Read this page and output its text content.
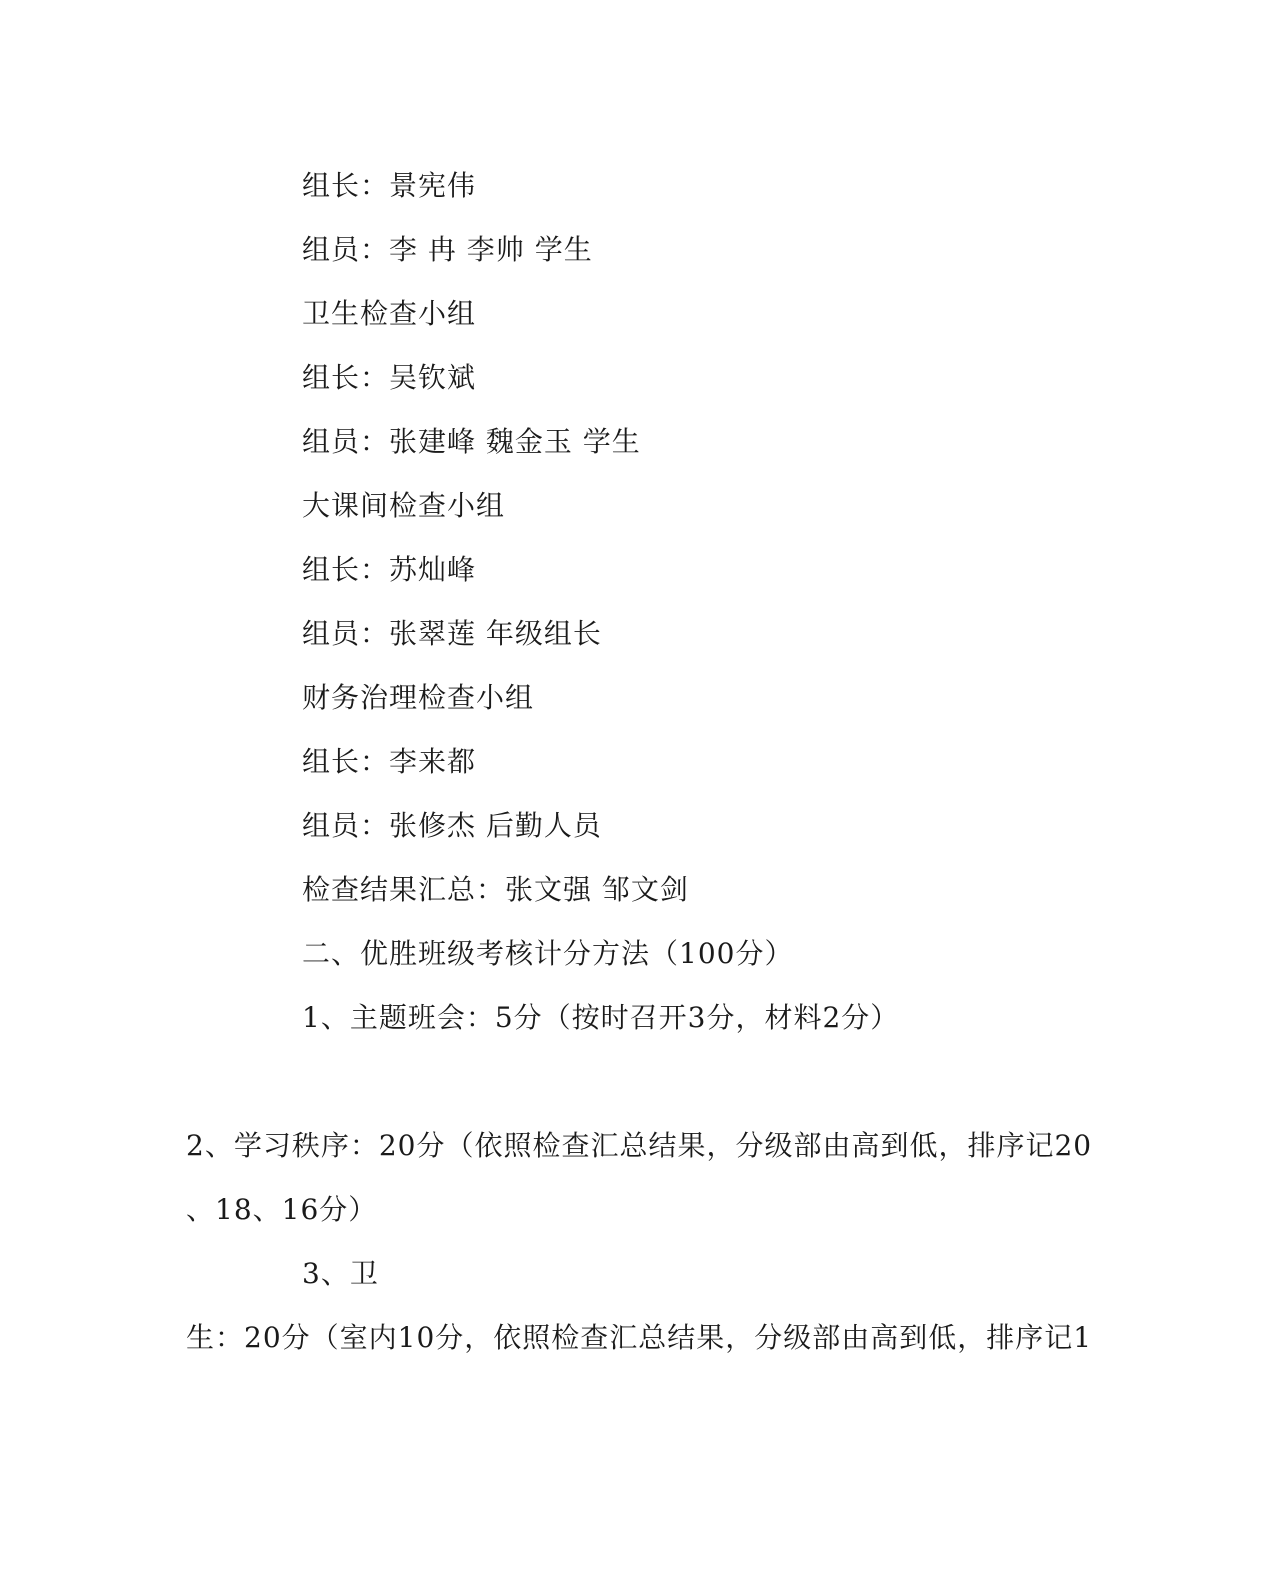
组长：景宪伟
组员：李 冉 李帅 学生
卫生检查小组
组长：吴钦斌
组员：张建峰 魏金玉 学生
大课间检查小组
组长：苏灿峰
组员：张翠莲 年级组长
财务治理检查小组
组长：李来都
组员：张修杰 后勤人员
检查结果汇总：张文强 邹文剑
二、优胜班级考核计分方法（100分）
1、主题班会：5分（按时召开3分，材料2分）
2、学习秩序：20分（依照检查汇总结果，分级部由高到低，排序记20
、18、16分）
3、卫
生：20分（室内10分，依照检查汇总结果，分级部由高到低，排序记1
